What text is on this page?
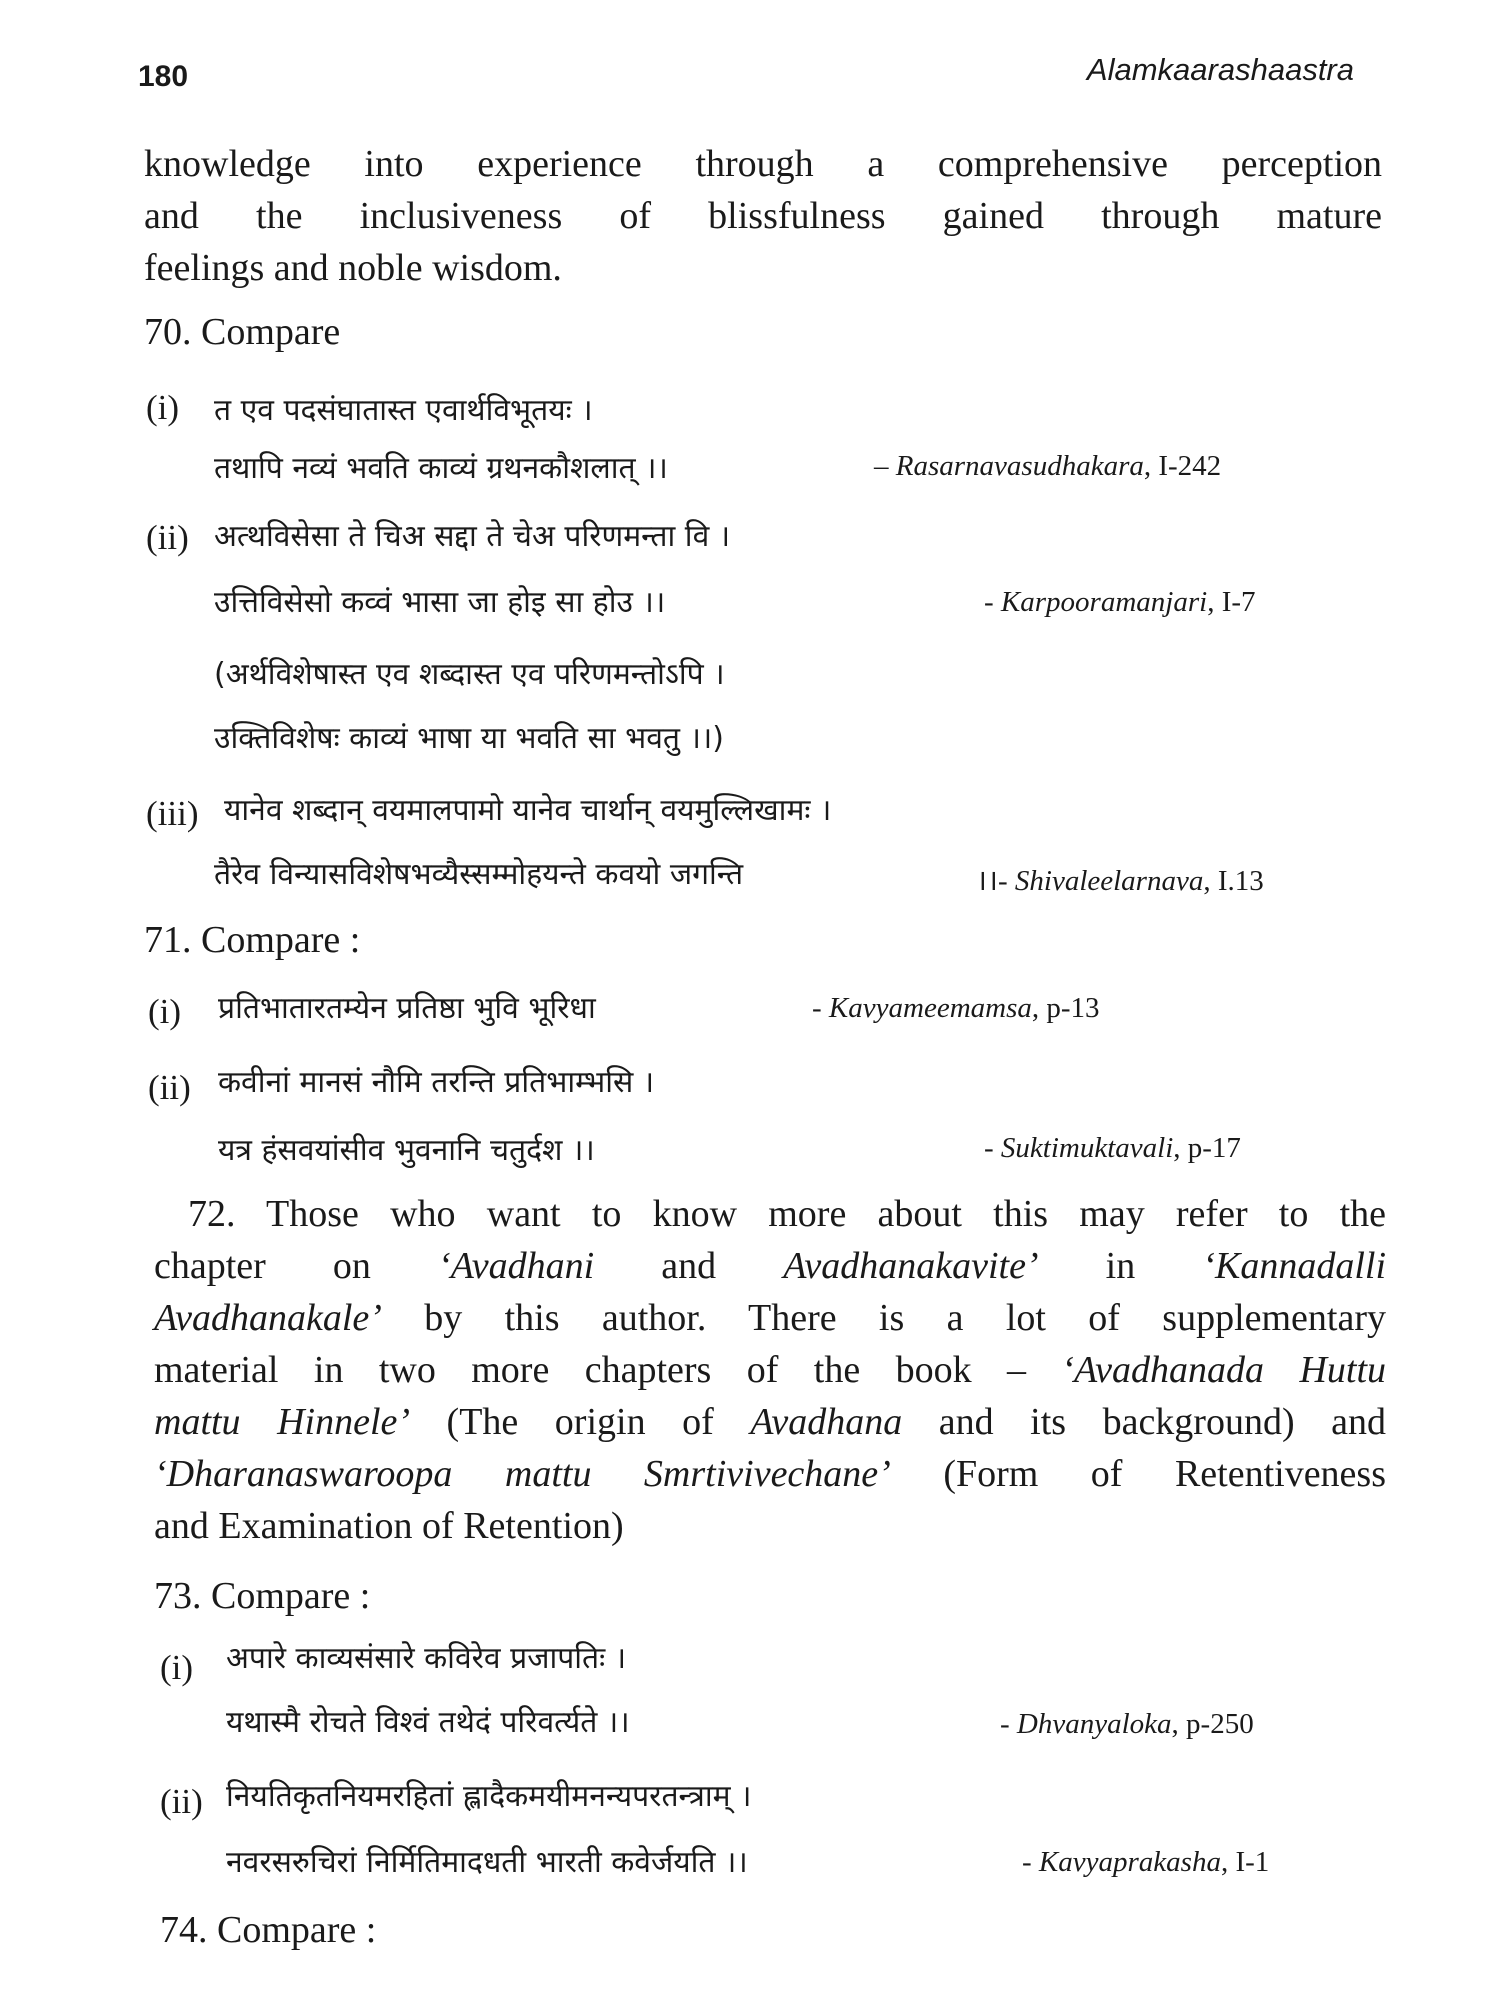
180	Alamkaarashaastra
knowledge into experience through a comprehensive perception
and the inclusiveness of blissfulness gained through mature
feelings and noble wisdom.
70. Compare
(i) त एव पदसंघातास्त एवार्थविभूतयः ।
तथापि नव्यं भवति काव्यं ग्रथनकौशलात् ।।	– Rasarnavasudhakara, I-242
(ii) अत्थविसेसा ते चिअ सद्दा ते चेअ परिणमन्ता वि ।
उत्तिविसेसो कव्वं भासा जा होइ सा होउ ।।	- Karpooramanjari, I-7
(अर्थविशेषास्त एव शब्दास्त एव परिणमन्तोऽपि ।
उक्तिविशेषः काव्यं भाषा या भवति सा भवतु ।।)
(iii) यानेव शब्दान् वयमालपामो यानेव चार्थान् वयमुल्लिखामः ।
तैरेव विन्यासविशेषभव्यैस्सम्मोहयन्ते कवयो जगन्ति	।।- Shivaleelarnava, I.13
71. Compare :
(i) प्रतिभातारतम्येन प्रतिष्ठा भुवि भूरिधा	- Kavyameemamsa, p-13
(ii) कवीनां मानसं नौमि तरन्ति प्रतिभाम्भसि ।
यत्र हंसवयांसीव भुवनानि चतुर्दश ।।	- Suktimuktavali, p-17
72. Those who want to know more about this may refer to the
chapter on ‘Avadhani and Avadhanakavite’ in ‘Kannadalli
Avadhanakale’ by this author. There is a lot of supplementary
material in two more chapters of the book – ‘Avadhanada Huttu
mattu Hinnele’ (The origin of Avadhana and its background) and
‘Dharanaswaroopa mattu Smrtivivechane’ (Form of Retentiveness
and Examination of Retention)
73. Compare :
(i) अपारे काव्यसंसारे कविरेव प्रजापतिः ।
यथास्मै रोचते विश्वं तथेदं परिवर्त्यते ।।	- Dhvanyaloka, p-250
(ii) नियतिकृतनियमरहितां ह्लादैकमयीमनन्यपरतन्त्राम् ।
नवरसरुचिरां निर्मितिमादधती भारती कवेर्जयति ।।	- Kavyaprakasha, I-1
74. Compare :
